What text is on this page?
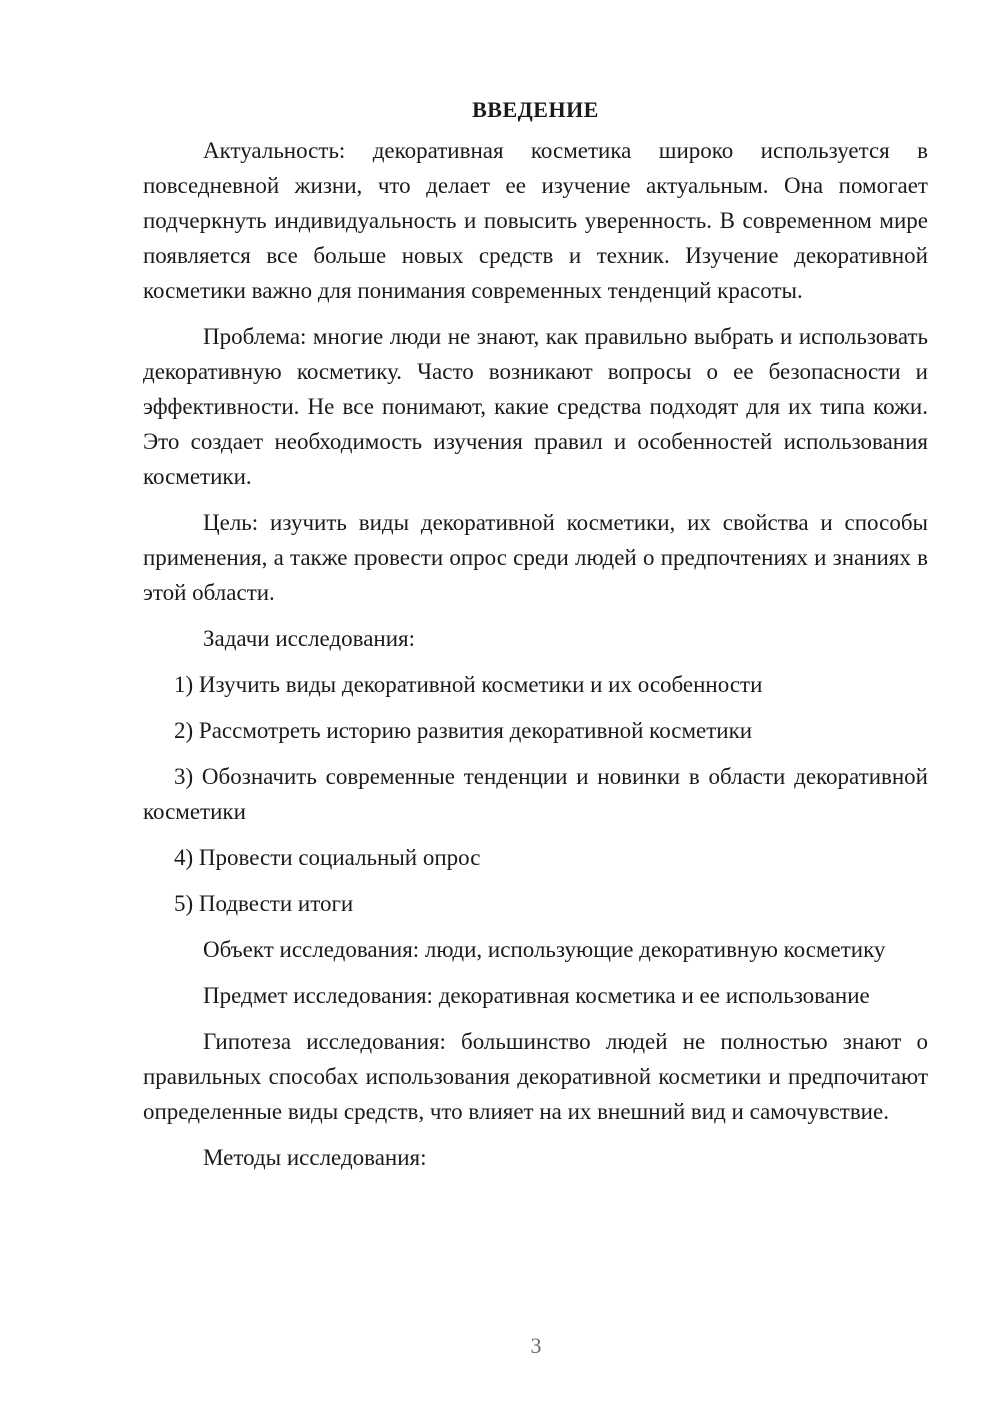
ВВЕДЕНИЕ

Актуальность: декоративная косметика широко используется в повседневной жизни, что делает ее изучение актуальным. Она помогает подчеркнуть индивидуальность и повысить уверенность. В современном мире появляется все больше новых средств и техник. Изучение декоративной косметики важно для понимания современных тенденций красоты.

Проблема: многие люди не знают, как правильно выбрать и использовать декоративную косметику. Часто возникают вопросы о ее безопасности и эффективности. Не все понимают, какие средства подходят для их типа кожи. Это создает необходимость изучения правил и особенностей использования косметики.

Цель: изучить виды декоративной косметики, их свойства и способы применения, а также провести опрос среди людей о предпочтениях и знаниях в этой области.

Задачи исследования:

1) Изучить виды декоративной косметики и их особенности

2) Рассмотреть историю развития декоративной косметики

3) Обозначить современные тенденции и новинки в области декоративной косметики

4) Провести социальный опрос

5) Подвести итоги

Объект исследования: люди, использующие декоративную косметику

Предмет исследования: декоративная косметика и ее использование

Гипотеза исследования: большинство людей не полностью знают о правильных способах использования декоративной косметики и предпочитают определенные виды средств, что влияет на их внешний вид и самочувствие.

Методы исследования:

3
